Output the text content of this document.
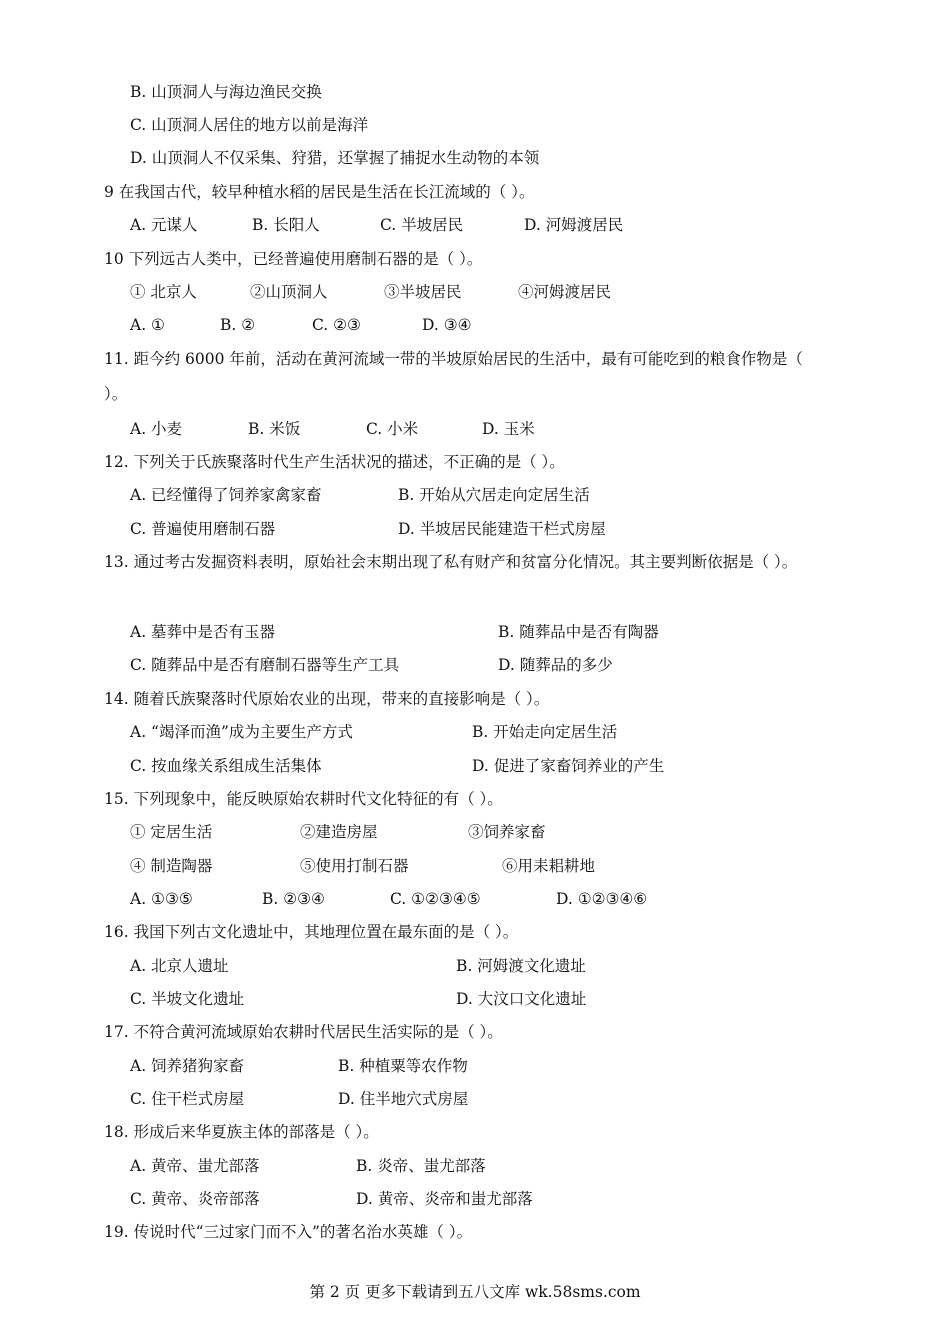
B. 山顶洞人与海边渔民交换
C. 山顶洞人居住的地方以前是海洋
D. 山顶洞人不仅采集、狩猎，还掌握了捕捉水生动物的本领
9 在我国古代，较早种植水稻的居民是生活在长江流域的（ ）。
A. 元谋人	B. 长阳人	C. 半坡居民	D. 河姆渡居民
10 下列远古人类中，已经普遍使用磨制石器的是（ ）。
① 北京人	②山顶洞人	③半坡居民	④河姆渡居民
A. ①	B. ②	C. ②③	D. ③④
11. 距今约 6000 年前，活动在黄河流域一带的半坡原始居民的生活中，最有可能吃到的粮食作物是（
）。
A. 小麦	B. 米饭	C. 小米	D. 玉米
12. 下列关于氏族聚落时代生产生活状况的描述，不正确的是（ ）。
A. 已经懂得了饲养家禽家畜	B. 开始从穴居走向定居生活
C. 普遍使用磨制石器	D. 半坡居民能建造干栏式房屋
13. 通过考古发掘资料表明，原始社会末期出现了私有财产和贫富分化情况。其主要判断依据是（ ）。
A. 墓葬中是否有玉器	B. 随葬品中是否有陶器
C. 随葬品中是否有磨制石器等生产工具	D. 随葬品的多少
14. 随着氏族聚落时代原始农业的出现，带来的直接影响是（ ）。
A. “竭泽而渔”成为主要生产方式	B. 开始走向定居生活
C. 按血缘关系组成生活集体	D. 促进了家畜饲养业的产生
15. 下列现象中，能反映原始农耕时代文化特征的有（ ）。
① 定居生活	②建造房屋	③饲养家畜
④ 制造陶器	⑤使用打制石器	⑥用耒耜耕地
A. ①③⑤	B. ②③④	C. ①②③④⑤	D. ①②③④⑥
16. 我国下列古文化遗址中，其地理位置在最东面的是（ ）。
A. 北京人遗址	B. 河姆渡文化遗址
C. 半坡文化遗址	D. 大汶口文化遗址
17. 不符合黄河流域原始农耕时代居民生活实际的是（ ）。
A. 饲养猪狗家畜	B. 种植粟等农作物
C. 住干栏式房屋	D. 住半地穴式房屋
18. 形成后来华夏族主体的部落是（ ）。
A. 黄帝、蚩尤部落	B. 炎帝、蚩尤部落
C. 黄帝、炎帝部落	D. 黄帝、炎帝和蚩尤部落
19. 传说时代“三过家门而不入”的著名治水英雄（ ）。
第 2 页 更多下载请到五八文库 wk.58sms.com
